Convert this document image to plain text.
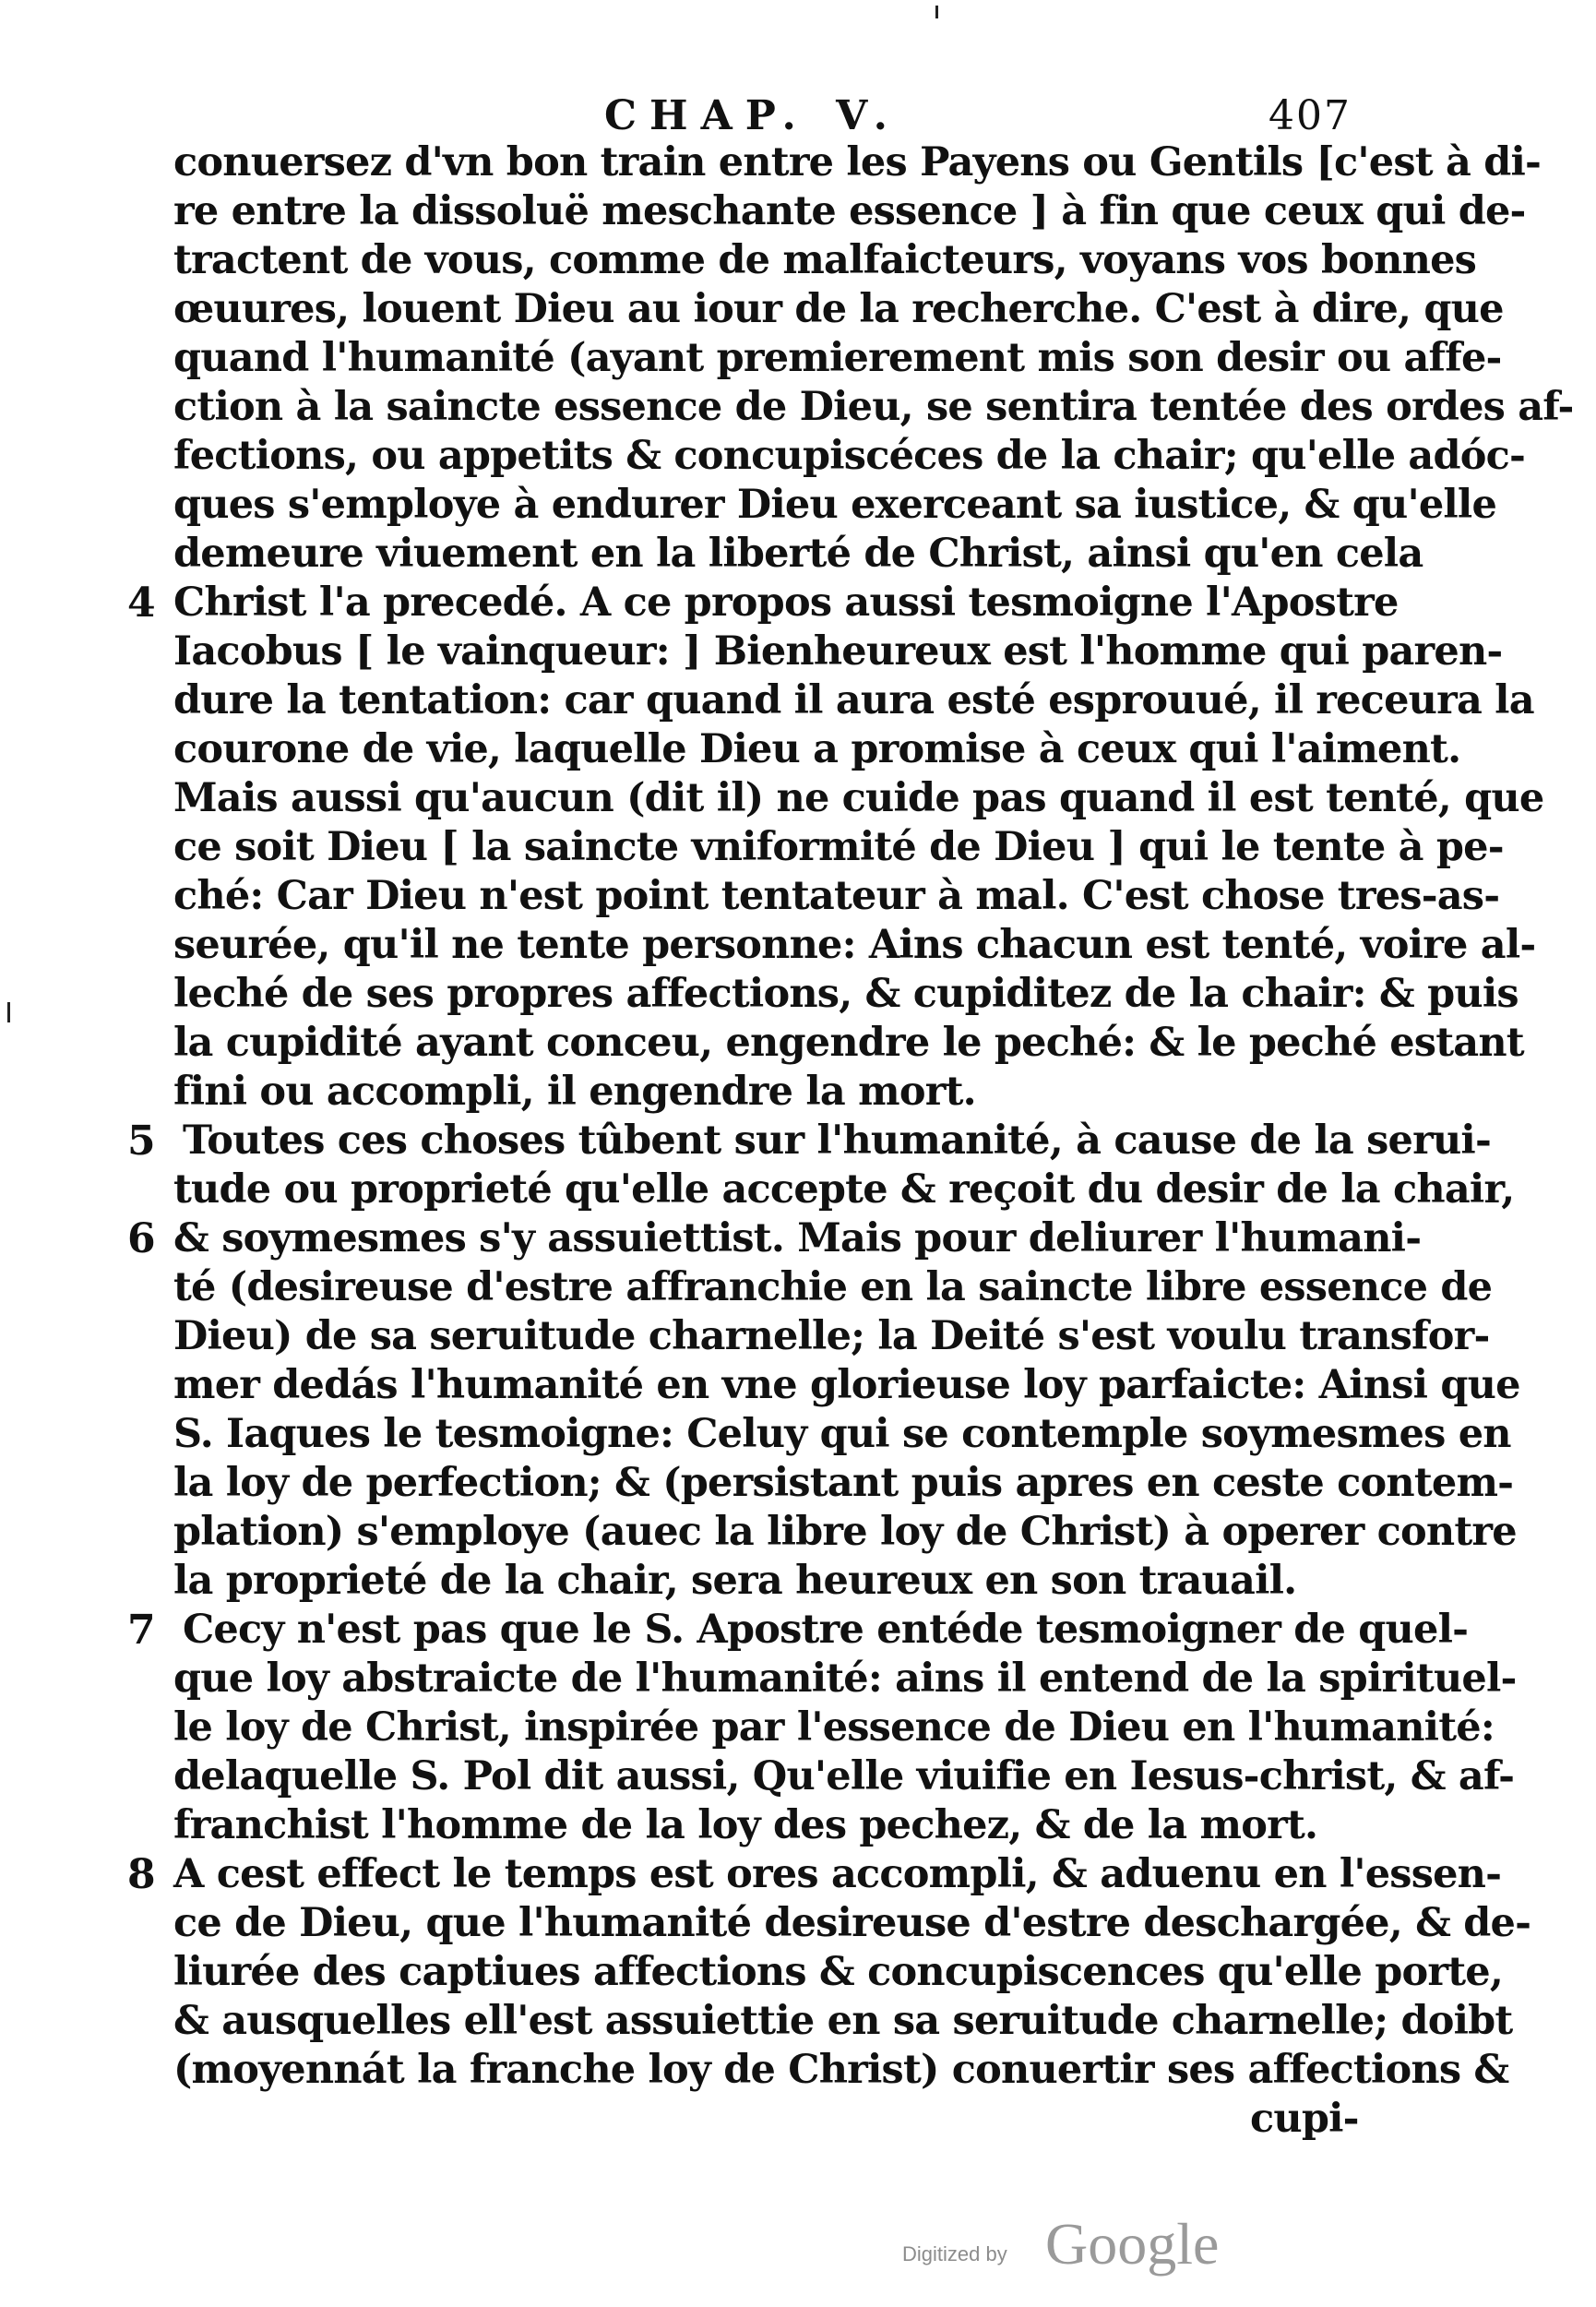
CHAP. V.	407
conuersez d'vn bon train entre les Payens ou Gentils [c'est à di-
re entre la dissoluë meschante essence ] à fin que ceux qui de-
tractent de vous, comme de malfaicteurs, voyans vos bonnes
œuures, louent Dieu au iour de la recherche. C'est à dire, que
quand l'humanité (ayant premierement mis son desir ou affe-
ction à la saincte essence de Dieu, se sentira tentée des ordes af-
fections, ou appetits & concupiscéces de la chair; qu'elle adóc-
ques s'employe à endurer Dieu exerceant sa iustice, & qu'elle
demeure viuement en la liberté de Christ, ainsi qu'en cela
Christ l'a precedé. A ce propos aussi tesmoigne l'Apostre
Iacobus [ le vainqueur: ] Bienheureux est l'homme qui paren-
dure la tentation: car quand il aura esté esprouué, il receura la
courone de vie, laquelle Dieu a promise à ceux qui l'aiment.
Mais aussi qu'aucun (dit il) ne cuide pas quand il est tenté, que
ce soit Dieu [ la saincte vniformité de Dieu ] qui le tente à pe-
ché: Car Dieu n'est point tentateur à mal. C'est chose tres-as-
seurée, qu'il ne tente personne: Ains chacun est tenté, voire al-
leché de ses propres affections, & cupiditez de la chair: & puis
la cupidité ayant conceu, engendre le peché: & le peché estant
fini ou accompli, il engendre la mort.
Toutes ces choses tûbent sur l'humanité, à cause de la serui-
tude ou proprieté qu'elle accepte & reçoit du desir de la chair,
& soymesmes s'y assuiettist. Mais pour deliurer l'humani-
té (desireuse d'estre affranchie en la saincte libre essence de
Dieu) de sa seruitude charnelle; la Deité s'est voulu transfor-
mer dedás l'humanité en vne glorieuse loy parfaicte: Ainsi que
S. Iaques le tesmoigne: Celuy qui se contemple soymesmes en
la loy de perfection; & (persistant puis apres en ceste contem-
plation) s'employe (auec la libre loy de Christ) à operer contre
la proprieté de la chair, sera heureux en son trauail.
Cecy n'est pas que le S. Apostre entéde tesmoigner de quel-
que loy abstraicte de l'humanité: ains il entend de la spirituel-
le loy de Christ, inspirée par l'essence de Dieu en l'humanité:
delaquelle S. Pol dit aussi, Qu'elle viuifie en Iesus-christ, & af-
franchist l'homme de la loy des pechez, & de la mort.
A cest effect le temps est ores accompli, & aduenu en l'essen-
ce de Dieu, que l'humanité desireuse d'estre deschargée, & de-
liurée des captiues affections & concupiscences qu'elle porte,
& ausquelles ell'est assuiettie en sa seruitude charnelle; doibt
(moyennát la franche loy de Christ) conuertir ses affections &
cupi-
4
5
6
7
8
Digitized by Google
